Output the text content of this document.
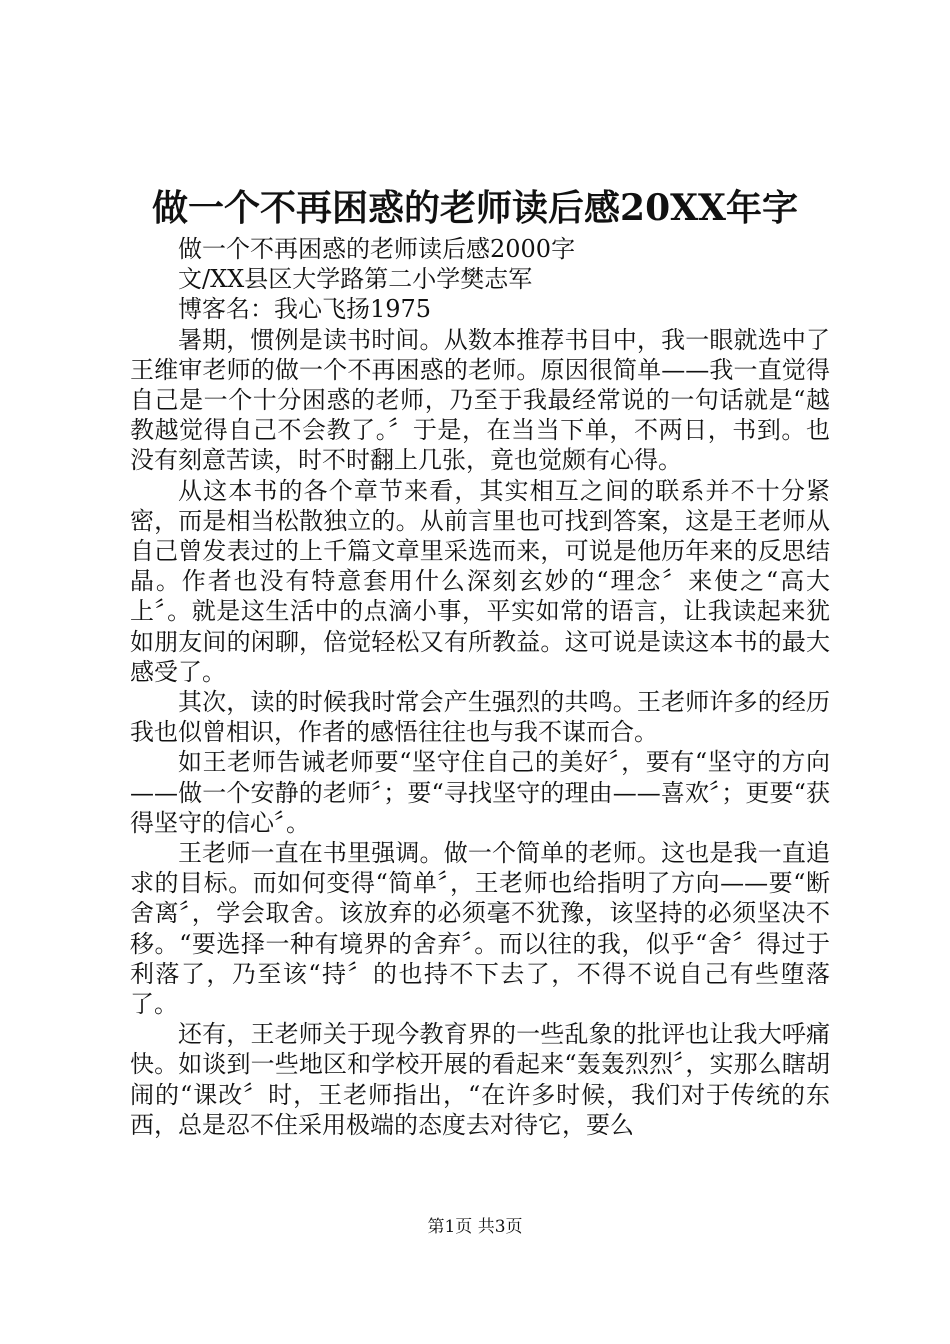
做一个不再困惑的老师读后感20XX年字

做一个不再困惑的老师读后感2000字

文/XX县区大学路第二小学樊志军

博客名：我心飞扬1975

暑期，惯例是读书时间。从数本推荐书目中，我一眼就选中了王维审老师的做一个不再困惑的老师。原因很简单——我一直觉得自己是一个十分困惑的老师，乃至于我最经常说的一句话就是“越教越觉得自己不会教了。〞于是，在当当下单，不两日，书到。也没有刻意苦读，时不时翻上几张，竟也觉颇有心得。

从这本书的各个章节来看，其实相互之间的联系并不十分紧密，而是相当松散独立的。从前言里也可找到答案，这是王老师从自己曾发表过的上千篇文章里采选而来，可说是他历年来的反思结晶。作者也没有特意套用什么深刻玄妙的“理念〞来使之“高大上〞。就是这生活中的点滴小事，平实如常的语言，让我读起来犹如朋友间的闲聊，倍觉轻松又有所教益。这可说是读这本书的最大感受了。

其次，读的时候我时常会产生强烈的共鸣。王老师许多的经历我也似曾相识，作者的感悟往往也与我不谋而合。

如王老师告诫老师要“坚守住自己的美好〞，要有“坚守的方向——做一个安静的老师〞；要“寻找坚守的理由——喜欢〞；更要“获得坚守的信心〞。

王老师一直在书里强调。做一个简单的老师。这也是我一直追求的目标。而如何变得“简单〞，王老师也给指明了方向——要“断舍离〞，学会取舍。该放弃的必须毫不犹豫，该坚持的必须坚决不移。“要选择一种有境界的舍弃〞。而以往的我，似乎“舍〞得过于利落了，乃至该“持〞的也持不下去了，不得不说自己有些堕落了。

还有，王老师关于现今教育界的一些乱象的批评也让我大呼痛快。如谈到一些地区和学校开展的看起来“轰轰烈烈〞，实那么瞎胡闹的“课改〞时，王老师指出，“在许多时候，我们对于传统的东西，总是忍不住采用极端的态度去对待它，要么

第1页 共3页
